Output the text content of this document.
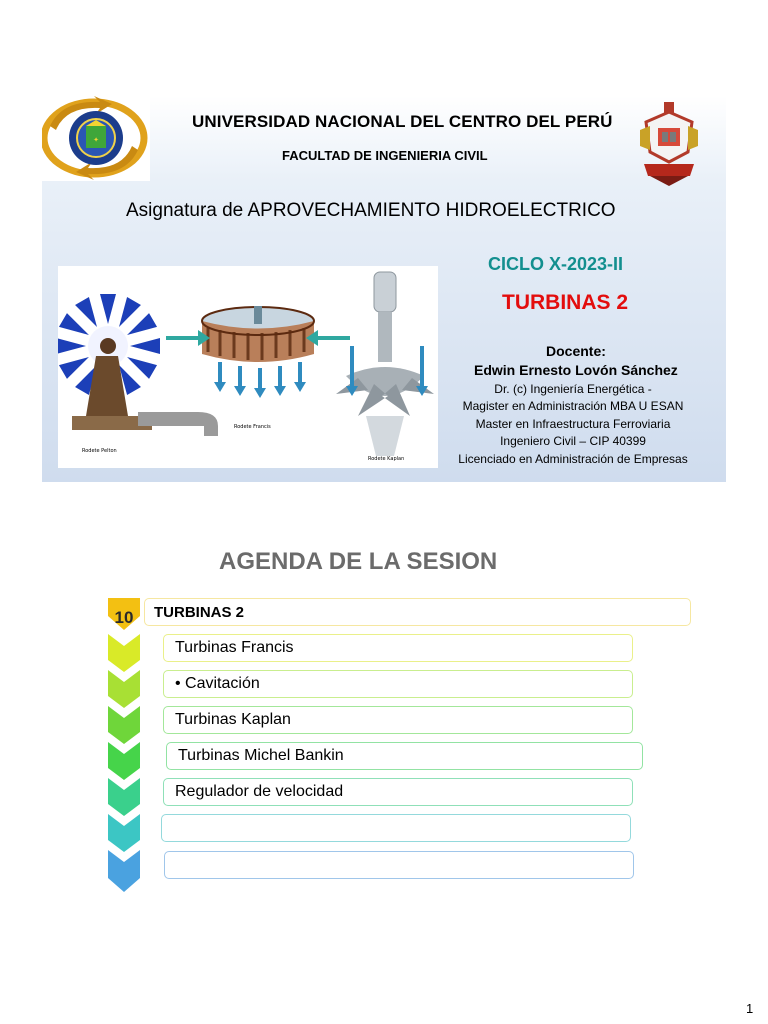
✦
UNIVERSIDAD NACIONAL DEL CENTRO DEL PERÚ
FACULTAD DE INGENIERIA CIVIL
Asignatura de APROVECHAMIENTO HIDROELECTRICO
CICLO X-2023-II
TURBINAS 2
Docente:
Edwin Ernesto Lovón Sánchez
Dr. (c) Ingeniería Energética -
Magister en Administración MBA U ESAN
Master en Infraestructura Ferroviaria
Ingeniero Civil – CIP 40399
Licenciado en Administración de Empresas
Rodete Pelton
Rodete Francis
Rodete Kaplan
AGENDA DE LA SESION
10	TURBINAS 2
Turbinas Francis
• Cavitación
Turbinas Kaplan
Turbinas Michel Bankin
Regulador de velocidad
1
